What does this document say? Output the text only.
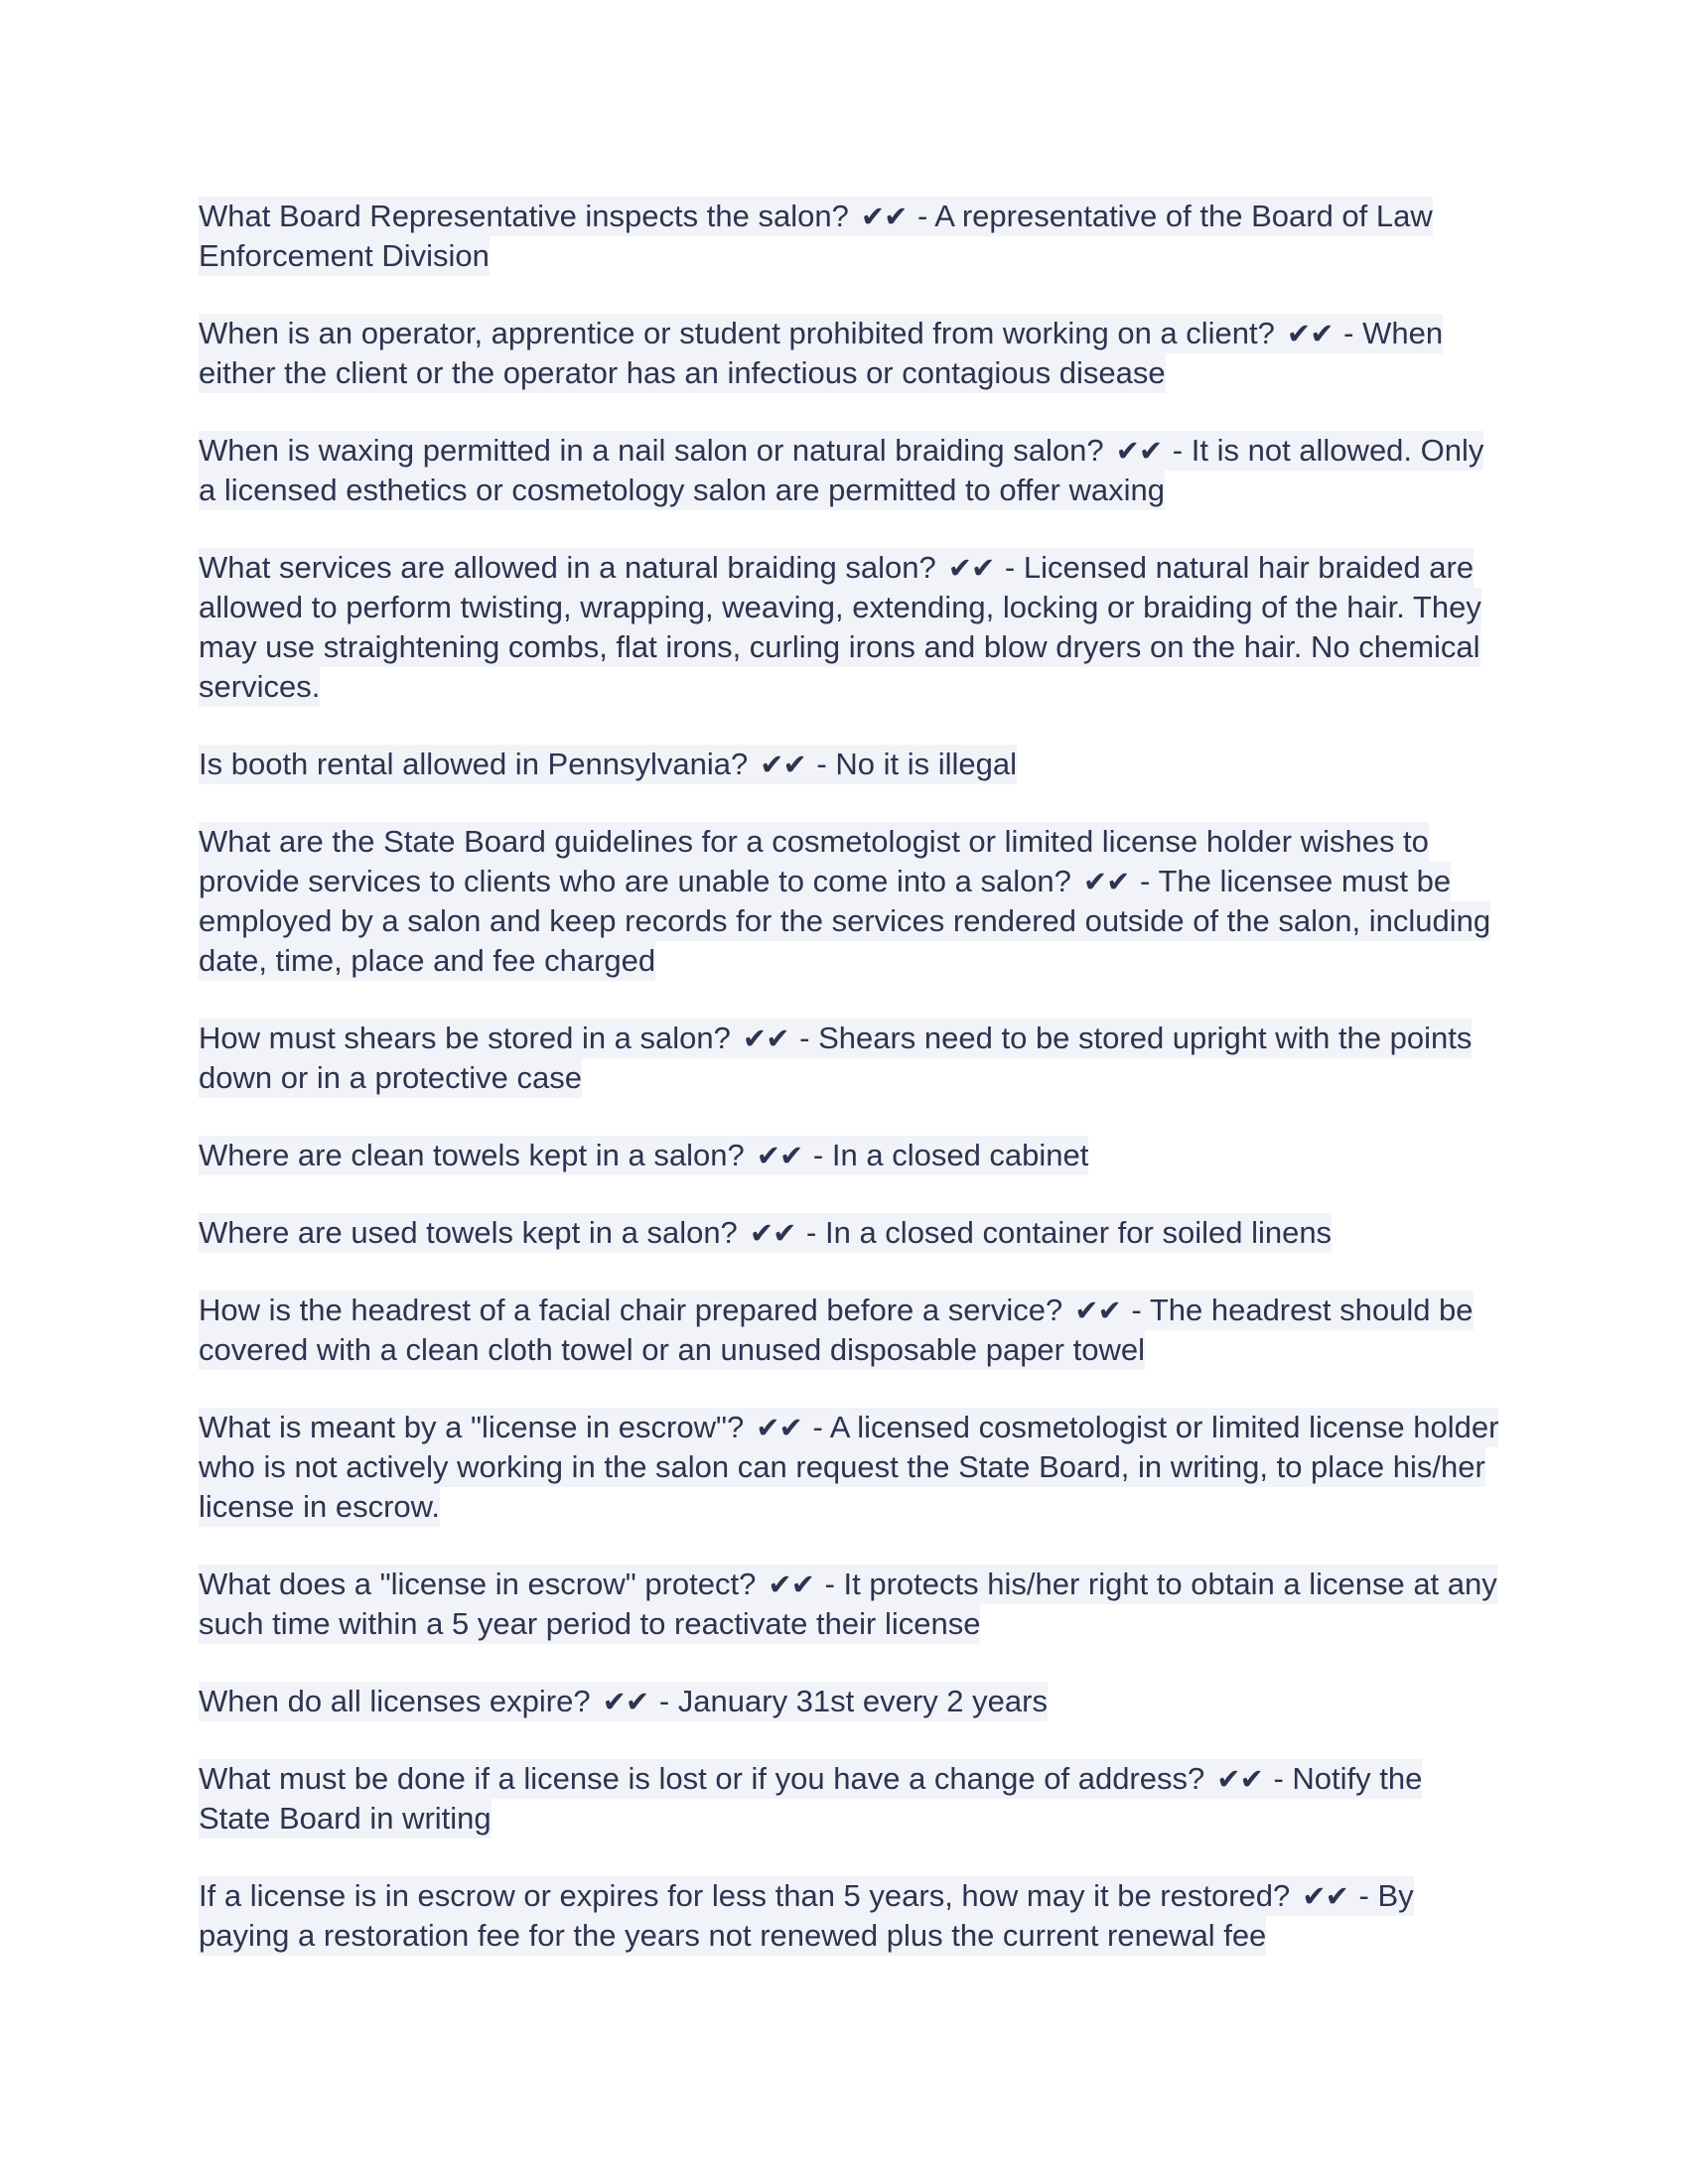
What Board Representative inspects the salon? ✔✔ - A representative of the Board of Law Enforcement Division

When is an operator, apprentice or student prohibited from working on a client? ✔✔ - When either the client or the operator has an infectious or contagious disease

When is waxing permitted in a nail salon or natural braiding salon? ✔✔ - It is not allowed. Only a licensed esthetics or cosmetology salon are permitted to offer waxing

What services are allowed in a natural braiding salon? ✔✔ - Licensed natural hair braided are allowed to perform twisting, wrapping, weaving, extending, locking or braiding of the hair. They may use straightening combs, flat irons, curling irons and blow dryers on the hair. No chemical services.

Is booth rental allowed in Pennsylvania? ✔✔ - No it is illegal

What are the State Board guidelines for a cosmetologist or limited license holder wishes to provide services to clients who are unable to come into a salon? ✔✔ - The licensee must be employed by a salon and keep records for the services rendered outside of the salon, including date, time, place and fee charged

How must shears be stored in a salon? ✔✔ - Shears need to be stored upright with the points down or in a protective case

Where are clean towels kept in a salon? ✔✔ - In a closed cabinet

Where are used towels kept in a salon? ✔✔ - In a closed container for soiled linens

How is the headrest of a facial chair prepared before a service? ✔✔ - The headrest should be covered with a clean cloth towel or an unused disposable paper towel

What is meant by a "license in escrow"? ✔✔ - A licensed cosmetologist or limited license holder who is not actively working in the salon can request the State Board, in writing, to place his/her license in escrow.

What does a "license in escrow" protect? ✔✔ - It protects his/her right to obtain a license at any such time within a 5 year period to reactivate their license

When do all licenses expire? ✔✔ - January 31st every 2 years

What must be done if a license is lost or if you have a change of address? ✔✔ - Notify the State Board in writing

If a license is in escrow or expires for less than 5 years, how may it be restored? ✔✔ - By paying a restoration fee for the years not renewed plus the current renewal fee
